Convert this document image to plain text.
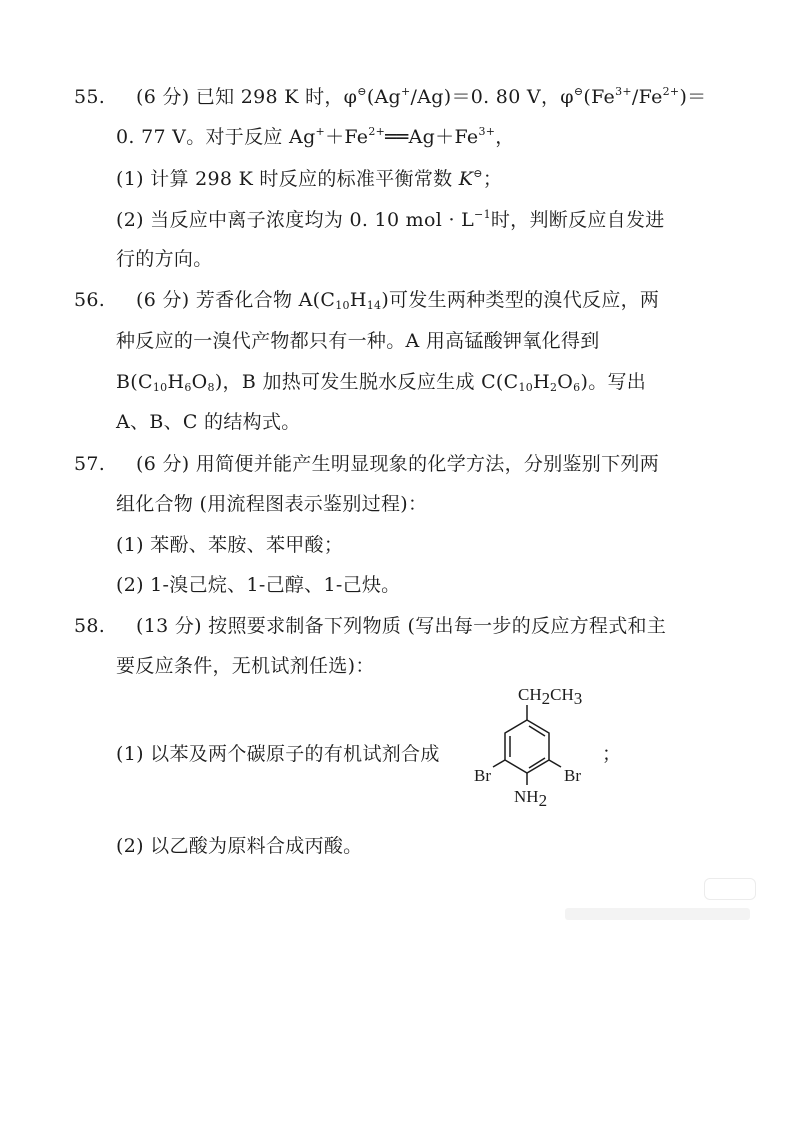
55. (6 分) 已知 298 K 时，φ⊖(Ag+/Ag)＝0. 80 V，$\varphi^⊖(Fe^{3+}/Fe^{2+})=$
0. 77 V。对于反应 $Ag^++Fe^{2+}══Ag+Fe^{3+}$，
(1) 计算 298 K 时反应的标准平衡常数 K⊖；
(2) 当反应中离子浓度均为 0. 10 mol · $L^{-1}$时，判断反应自发进
行的方向。
56. (6 分) 芳香化合物 $A(C_{10}H_{14})$可发生两种类型的溴代反应，两
种反应的一溴代产物都只有一种。A 用高锰酸钾氧化得到
$B(C_{10}H_6O_8)$，B 加热可发生脱水反应生成 $C(C_{10}H_2O_6)$。写出
A、B、C 的结构式。
57. (6 分) 用简便并能产生明显现象的化学方法，分别鉴别下列两
组化合物 (用流程图表示鉴别过程)：
(1) 苯酚、苯胺、苯甲酸；
(2) 1-溴己烷、1-己醇、1-己炔。
58. (13 分) 按照要求制备下列物质 (写出每一步的反应方程式和主
要反应条件，无机试剂任选)：
(1) 以苯及两个碳原子的有机试剂合成	；
(2) 以乙酸为原料合成丙酸。
CH2CH3
Br	Br
NH2
